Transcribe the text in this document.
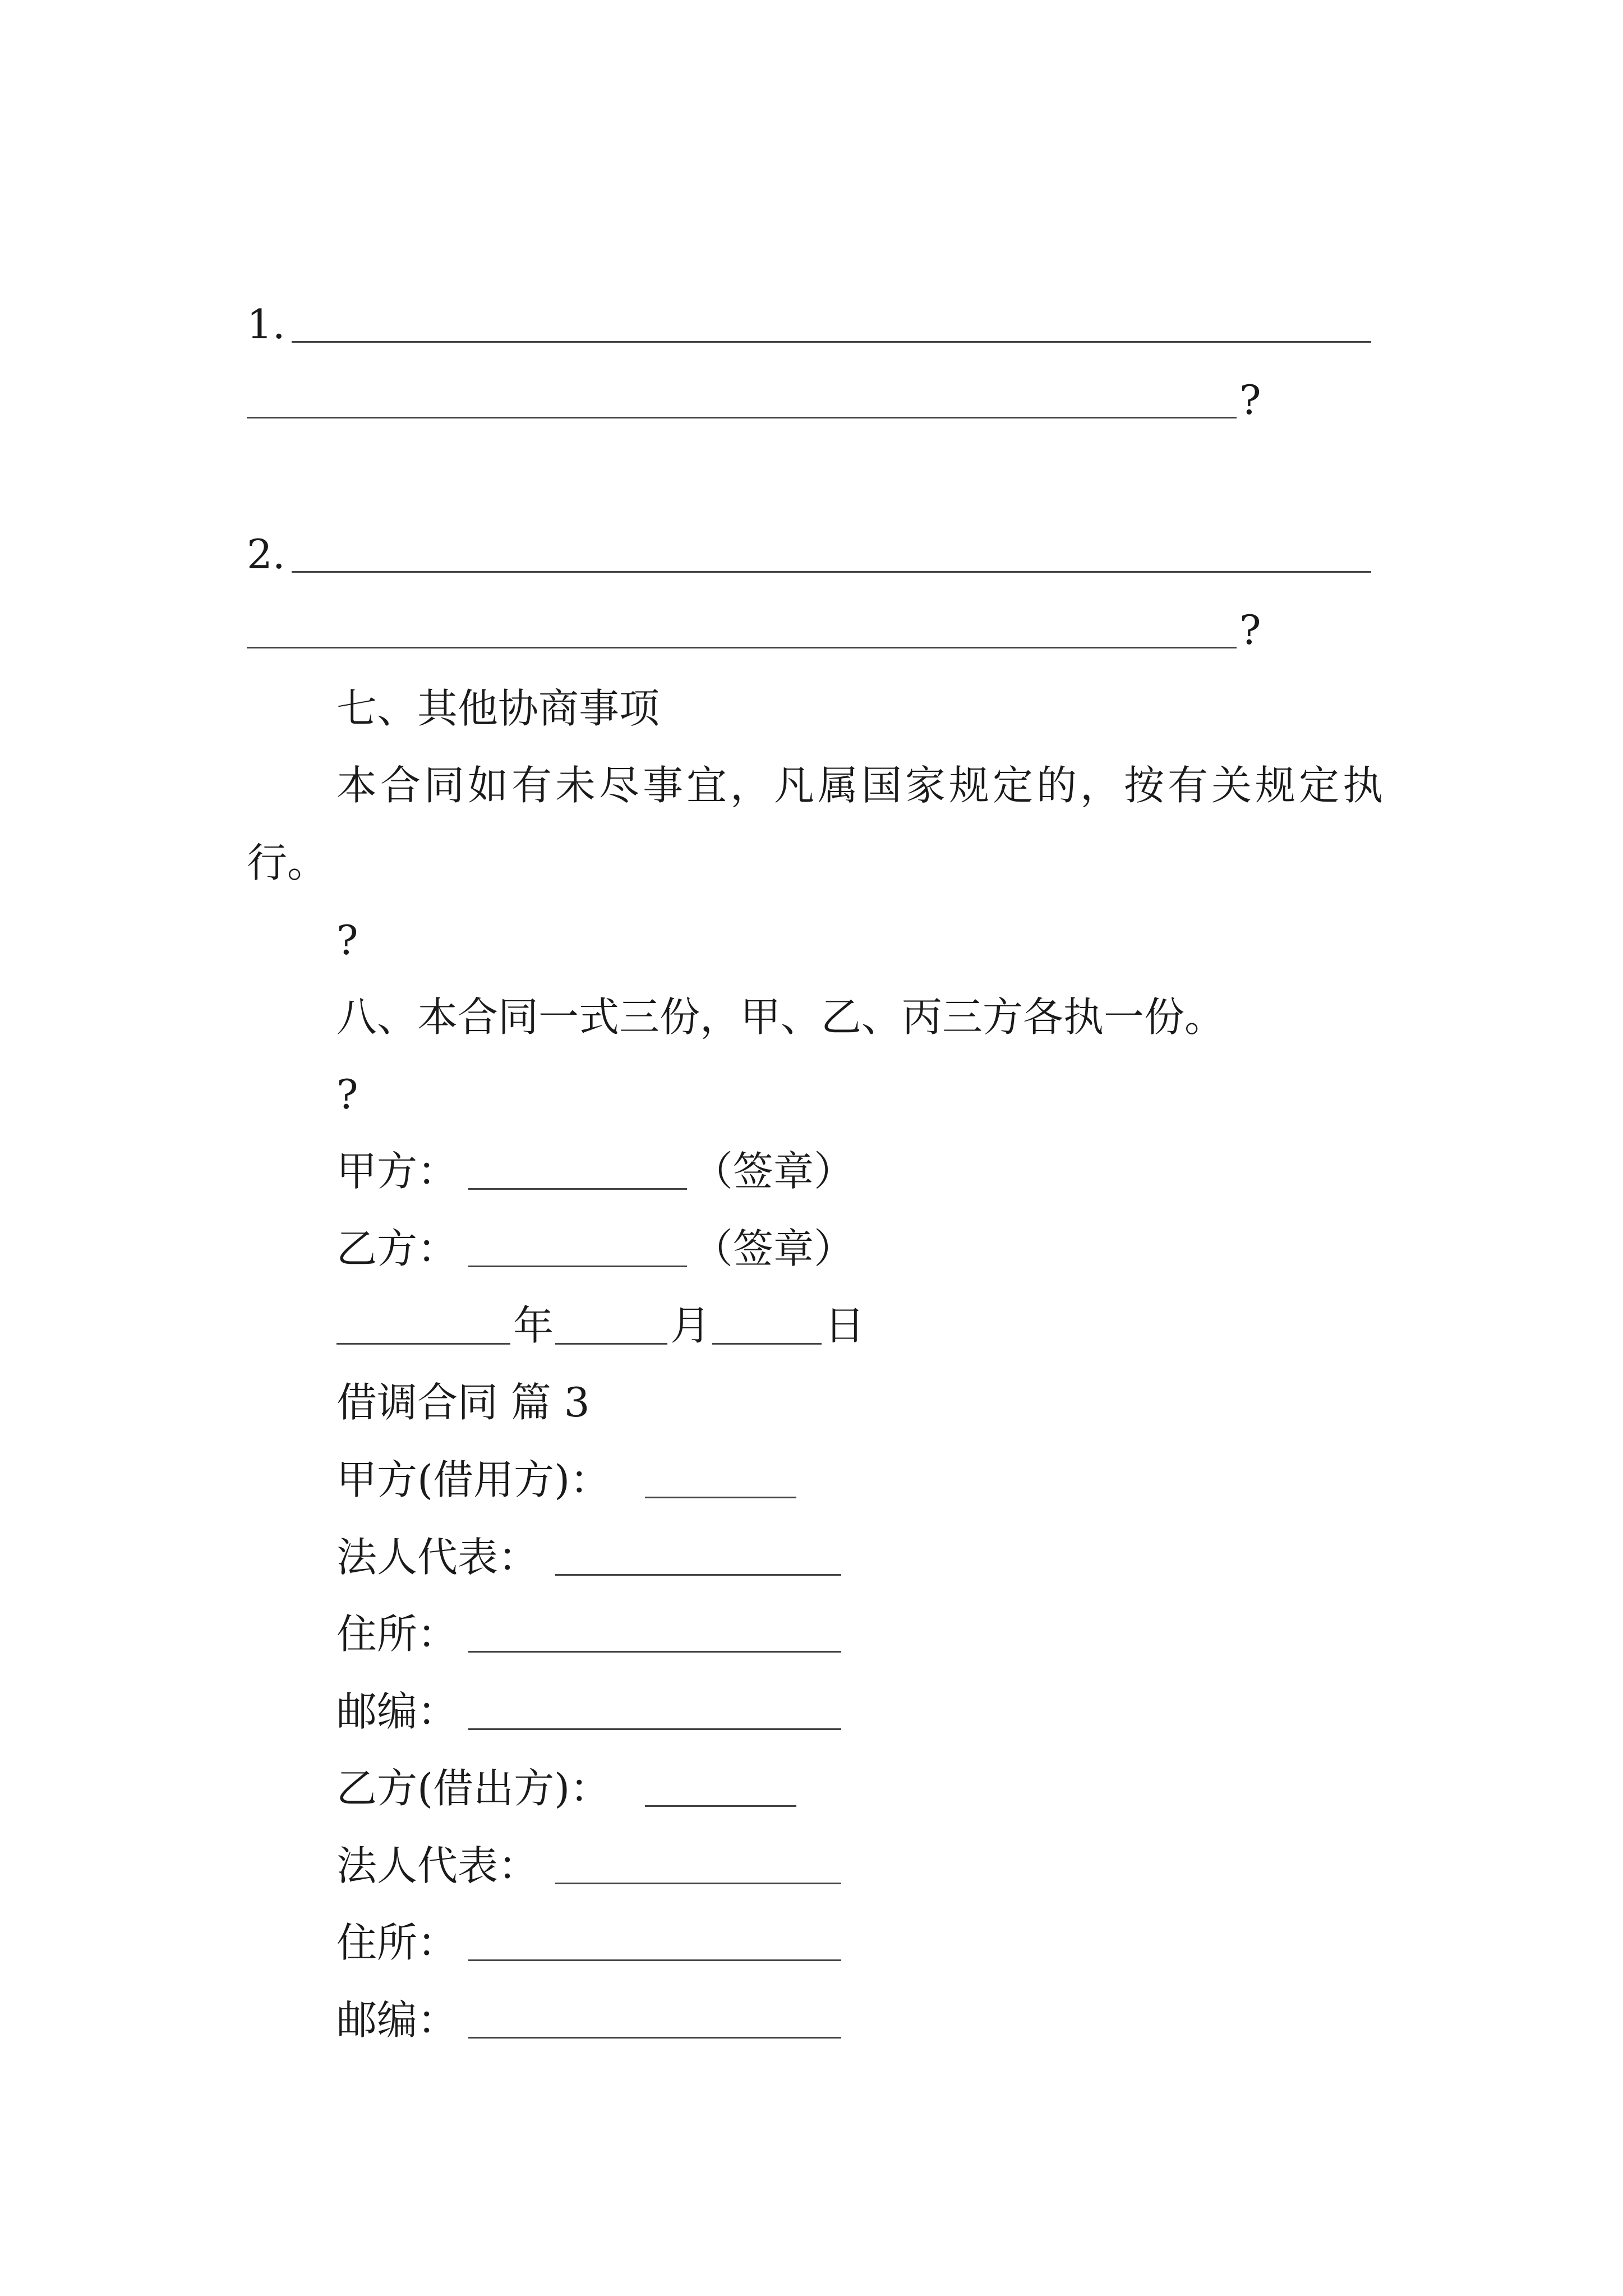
1.
?
2.
?
七、其他协商事项
本合同如有未尽事宜，凡属国家规定的，按有关规定执
行。
?
八、本合同一式三份，甲、乙、丙三方各执一份。
?
甲方：	（签章）
乙方：	（签章）
年	月	日
借调合同 篇 3
甲方(借用方)：
法人代表：
住所：
邮编：
乙方(借出方)：
法人代表：
住所：
邮编：
